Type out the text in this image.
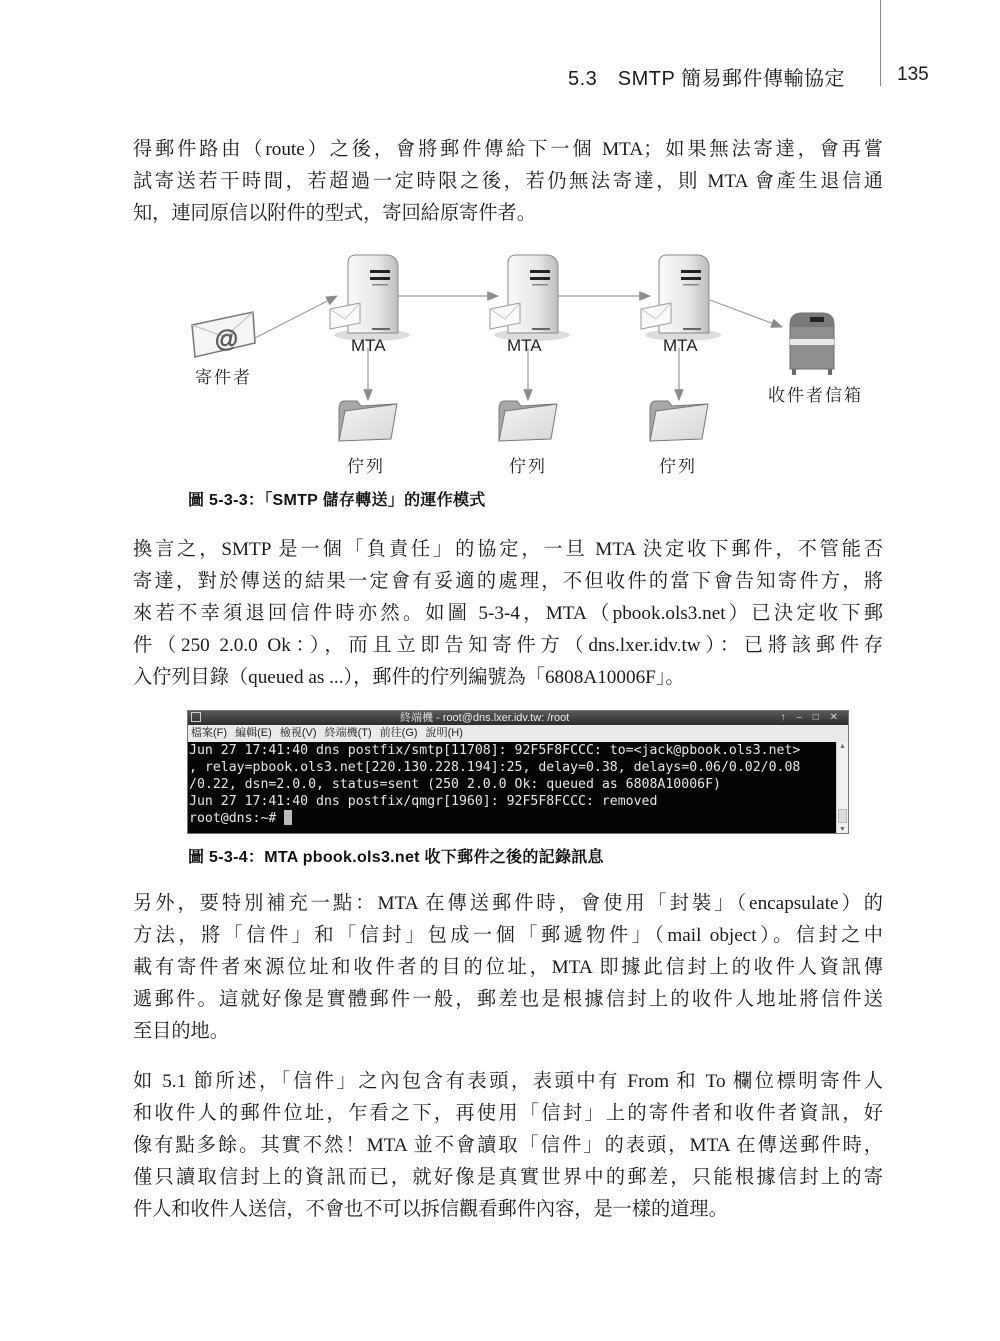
5.3　SMTP 簡易郵件傳輸協定	135
得郵件路由（route）之後，會將郵件傳給下一個 MTA；如果無法寄達，會再嘗
試寄送若干時間，若超過一定時限之後，若仍無法寄達，則 MTA 會產生退信通
知，連同原信以附件的型式，寄回給原寄件者。
@
寄件者
MTA	MTA	MTA
收件者信箱
佇列	佇列	佇列
圖 5-3-3：「SMTP 儲存轉送」的運作模式
換言之，SMTP 是一個「負責任」的協定，一旦 MTA 決定收下郵件，不管能否
寄達，對於傳送的結果一定會有妥適的處理，不但收件的當下會告知寄件方，將
來若不幸須退回信件時亦然。如圖 5-3-4，MTA（pbook.ols3.net）已決定收下郵
件（250 2.0.0 Ok：），而且立即告知寄件方（dns.lxer.idv.tw）：已將該郵件存
入佇列目錄（queued as ...），郵件的佇列編號為「6808A10006F」。
終端機 - root@dns.lxer.idv.tw: /root	↑ – □ ✕
檔案(F) 編輯(E) 檢視(V) 終端機(T) 前往(G) 說明(H)
Jun 27 17:41:40 dns postfix/smtp[11708]: 92F5F8FCCC: to=<jack@pbook.ols3.net>
, relay=pbook.ols3.net[220.130.228.194]:25, delay=0.38, delays=0.06/0.02/0.08
/0.22, dsn=2.0.0, status=sent (250 2.0.0 Ok: queued as 6808A10006F)
Jun 27 17:41:40 dns postfix/qmgr[1960]: 92F5F8FCCC: removed
root@dns:~#
▲
▼
圖 5-3-4：MTA pbook.ols3.net 收下郵件之後的記錄訊息
另外，要特別補充一點：MTA 在傳送郵件時，會使用「封裝」（encapsulate）的
方法，將「信件」和「信封」包成一個「郵遞物件」（mail object）。信封之中
載有寄件者來源位址和收件者的目的位址，MTA 即據此信封上的收件人資訊傳
遞郵件。這就好像是實體郵件一般，郵差也是根據信封上的收件人地址將信件送
至目的地。
如 5.1 節所述，「信件」之內包含有表頭，表頭中有 From 和 To 欄位標明寄件人
和收件人的郵件位址，乍看之下，再使用「信封」上的寄件者和收件者資訊，好
像有點多餘。其實不然！MTA 並不會讀取「信件」的表頭，MTA 在傳送郵件時，
僅只讀取信封上的資訊而已，就好像是真實世界中的郵差，只能根據信封上的寄
件人和收件人送信，不會也不可以拆信觀看郵件內容，是一樣的道理。
